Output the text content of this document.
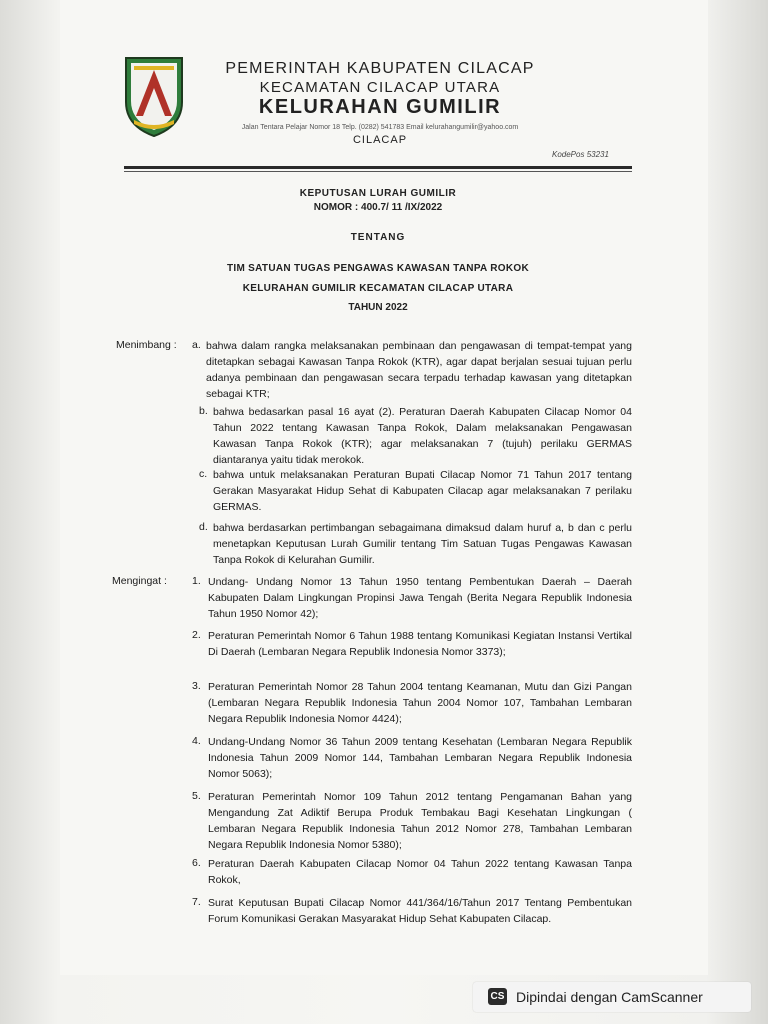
PEMERINTAH KABUPATEN CILACAP
KECAMATAN CILACAP UTARA
KELURAHAN GUMILIR
Jalan Tentara Pelajar Nomor 18 Telp. (0282) 541783 Email kelurahangumilir@yahoo.com
CILACAP
KodePos 53231
KEPUTUSAN LURAH GUMILIR
NOMOR : 400.7/ 11 /IX/2022
TENTANG
TIM SATUAN TUGAS PENGAWAS KAWASAN TANPA ROKOK
KELURAHAN GUMILIR KECAMATAN CILACAP UTARA
TAHUN 2022
Menimbang : a. bahwa dalam rangka melaksanakan pembinaan dan pengawasan di tempat-tempat yang ditetapkan sebagai Kawasan Tanpa Rokok (KTR), agar dapat berjalan sesuai tujuan perlu adanya pembinaan dan pengawasan secara terpadu terhadap kawasan yang ditetapkan sebagai KTR;
b. bahwa bedasarkan pasal 16 ayat (2). Peraturan Daerah Kabupaten Cilacap Nomor 04 Tahun 2022 tentang Kawasan Tanpa Rokok, Dalam melaksanakan Pengawasan Kawasan Tanpa Rokok (KTR); agar melaksanakan 7 (tujuh) perilaku GERMAS diantaranya yaitu tidak merokok.
c. bahwa untuk melaksanakan Peraturan Bupati Cilacap Nomor 71 Tahun 2017 tentang Gerakan Masyarakat Hidup Sehat di Kabupaten Cilacap agar melaksanakan 7 perilaku GERMAS.
d. bahwa berdasarkan pertimbangan sebagaimana dimaksud dalam huruf a, b dan c perlu menetapkan Keputusan Lurah Gumilir tentang Tim Satuan Tugas Pengawas Kawasan Tanpa Rokok di Kelurahan Gumilir.
Mengingat : 1. Undang- Undang Nomor 13 Tahun 1950 tentang Pembentukan Daerah – Daerah Kabupaten Dalam Lingkungan Propinsi Jawa Tengah (Berita Negara Republik Indonesia Tahun 1950 Nomor 42);
2. Peraturan Pemerintah Nomor 6 Tahun 1988 tentang Komunikasi Kegiatan Instansi Vertikal Di Daerah (Lembaran Negara Republik Indonesia Nomor 3373);
3. Peraturan Pemerintah Nomor 28 Tahun 2004 tentang Keamanan, Mutu dan Gizi Pangan (Lembaran Negara Republik Indonesia Tahun 2004 Nomor 107, Tambahan Lembaran Negara Republik Indonesia Nomor 4424);
4. Undang-Undang Nomor 36 Tahun 2009 tentang Kesehatan (Lembaran Negara Republik Indonesia Tahun 2009 Nomor 144, Tambahan Lembaran Negara Republik Indonesia Nomor 5063);
5. Peraturan Pemerintah Nomor 109 Tahun 2012 tentang Pengamanan Bahan yang Mengandung Zat Adiktif Berupa Produk Tembakau Bagi Kesehatan Lingkungan ( Lembaran Negara Republik Indonesia Tahun 2012 Nomor 278, Tambahan Lembaran Negara Republik Indonesia Nomor 5380);
6. Peraturan Daerah Kabupaten Cilacap Nomor 04 Tahun 2022 tentang Kawasan Tanpa Rokok,
7. Surat Keputusan Bupati Cilacap Nomor 441/364/16/Tahun 2017 Tentang Pembentukan Forum Komunikasi Gerakan Masyarakat Hidup Sehat Kabupaten Cilacap.
CS Dipindai dengan CamScanner
